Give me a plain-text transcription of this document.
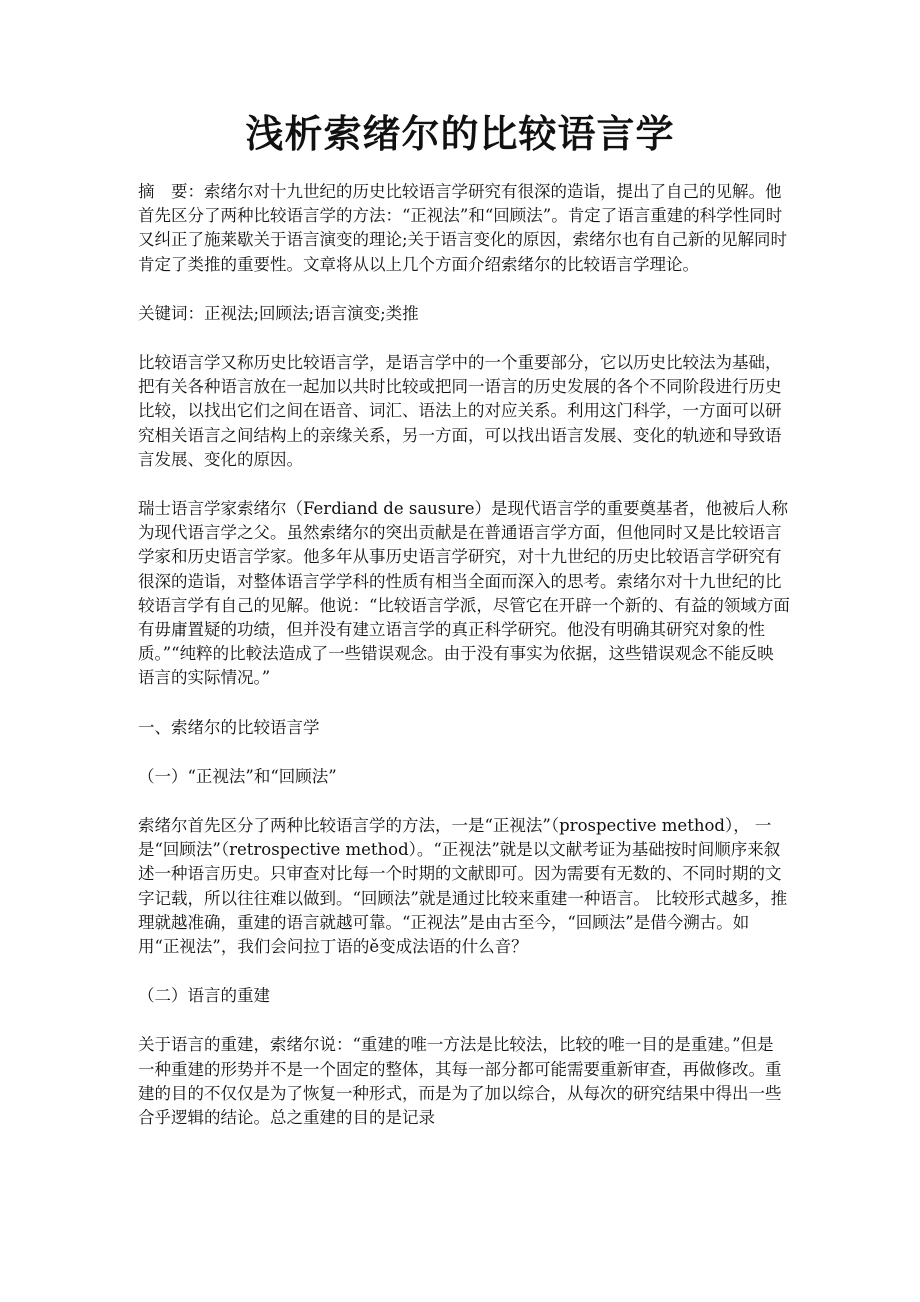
浅析索绪尔的比较语言学

摘　要：索绪尔对十九世纪的历史比较语言学研究有很深的造诣，提出了自己的见解。他首先区分了两种比较语言学的方法：“正视法”和“回顾法”。肯定了语言重建的科学性同时又纠正了施莱歇关于语言演变的理论;关于语言变化的原因，索绪尔也有自己新的见解同时肯定了类推的重要性。文章将从以上几个方面介绍索绪尔的比较语言学理论。

关键词：正视法;回顾法;语言演变;类推

比较语言学又称历史比较语言学，是语言学中的一个重要部分，它以历史比较法为基础，把有关各种语言放在一起加以共时比较或把同一语言的历史发展的各个不同阶段进行历史比较，以找出它们之间在语音、词汇、语法上的对应关系。利用这门科学，一方面可以研究相关语言之间结构上的亲缘关系，另一方面，可以找出语言发展、变化的轨迹和导致语言发展、变化的原因。

瑞士语言学家索绪尔（Ferdiand de sausure）是现代语言学的重要奠基者，他被后人称为现代语言学之父。虽然索绪尔的突出贡献是在普通语言学方面，但他同时又是比较语言学家和历史语言学家。他多年从事历史语言学研究，对十九世纪的历史比较语言学研究有很深的造诣，对整体语言学学科的性质有相当全面而深入的思考。索绪尔对十九世纪的比较语言学有自己的见解。他说：“比较语言学派，尽管它在开辟一个新的、有益的领域方面有毋庸置疑的功绩，但并没有建立语言学的真正科学研究。他没有明确其研究对象的性质。”“纯粹的比較法造成了一些错误观念。由于没有事实为依据，这些错误观念不能反映语言的实际情况。”

一、索绪尔的比较语言学

（一）“正视法”和“回顾法”

索绪尔首先区分了两种比较语言学的方法，一是“正视法”（prospective method）， 一是“回顾法”（retrospective method）。“正视法”就是以文献考证为基础按时间顺序来叙述一种语言历史。只审查对比每一个时期的文献即可。因为需要有无数的、不同时期的文字记载，所以往往难以做到。“回顾法”就是通过比较来重建一种语言。 比较形式越多，推理就越准确，重建的语言就越可靠。“正视法”是由古至今，“回顾法”是借今溯古。如用“正视法”，我们会问拉丁语的ě变成法语的什么音？

（二）语言的重建

关于语言的重建，索绪尔说：“重建的唯一方法是比较法，比较的唯一目的是重建。”但是一种重建的形势并不是一个固定的整体，其每一部分都可能需要重新审查，再做修改。重建的目的不仅仅是为了恢复一种形式，而是为了加以综合，从每次的研究结果中得出一些合乎逻辑的结论。总之重建的目的是记录
